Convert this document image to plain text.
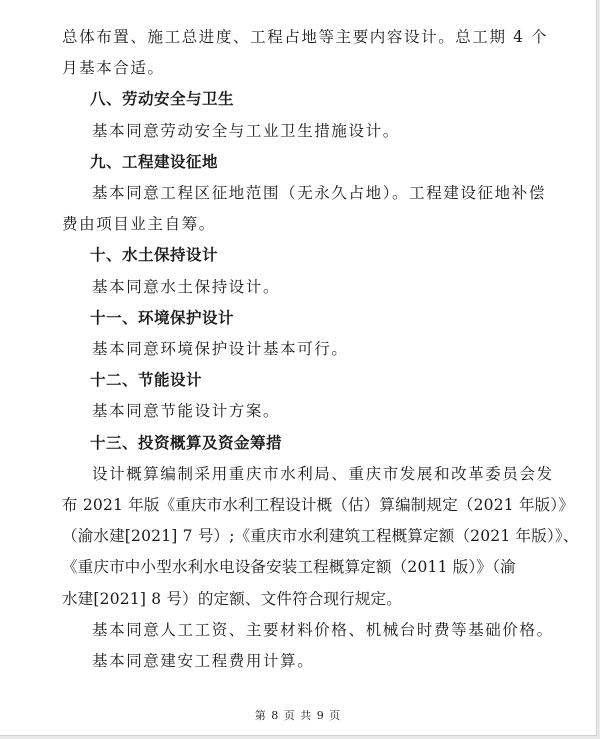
总体布置、施工总进度、工程占地等主要内容设计。总工期 4 个

月基本合适。

八、劳动安全与卫生

基本同意劳动安全与工业卫生措施设计。

九、工程建设征地

基本同意工程区征地范围（无永久占地）。工程建设征地补偿

费由项目业主自筹。

十、水土保持设计

基本同意水土保持设计。

十一、环境保护设计

基本同意环境保护设计基本可行。

十二、节能设计

基本同意节能设计方案。

十三、投资概算及资金筹措

设计概算编制采用重庆市水利局、重庆市发展和改革委员会发

布 2021 年版《重庆市水利工程设计概（估）算编制规定（2021 年版）》

（渝水建[2021] 7 号）;《重庆市水利建筑工程概算定额（2021 年版）》、

《重庆市中小型水利水电设备安装工程概算定额（2011 版）》（渝

水建[2021] 8 号）的定额、文件符合现行规定。

基本同意人工工资、主要材料价格、机械台时费等基础价格。

基本同意建安工程费用计算。

第 8 页 共 9 页
